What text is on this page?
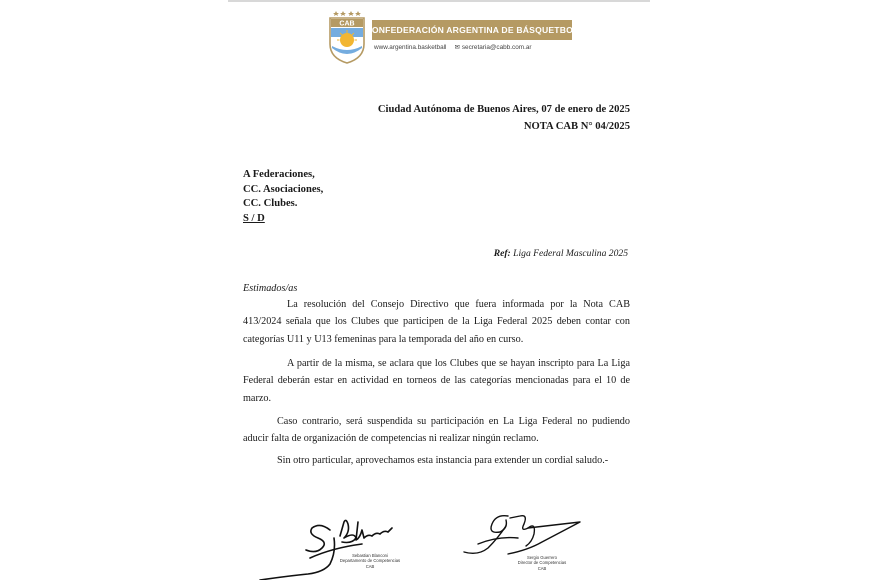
CAB
CONFEDERACIÓN ARGENTINA DE BÁSQUETBOL
www.argentina.basketball ✉ secretaria@cabb.com.ar
Ciudad Autónoma de Buenos Aires, 07 de enero de 2025
NOTA CAB N° 04/2025
A Federaciones,
CC. Asociaciones,
CC. Clubes.
S / D
Ref: Liga Federal Masculina 2025
Estimados/as
La resolución del Consejo Directivo que fuera informada por la Nota CAB 413/2024 señala que los Clubes que participen de la Liga Federal 2025 deben contar con categorías U11 y U13 femeninas para la temporada del año en curso.
A partir de la misma, se aclara que los Clubes que se hayan inscripto para La Liga Federal deberán estar en actividad en torneos de las categorías mencionadas para el 10 de marzo.
Caso contrario, será suspendida su participación en La Liga Federal no pudiendo aducir falta de organización de competencias ni realizar ningún reclamo.
Sin otro particular, aprovechamos esta instancia para extender un cordial saludo.-
Sebastian Blanconi
Departamento de Competencias
CAB
Sergio Guerrero
Director de Competencias
CAB
